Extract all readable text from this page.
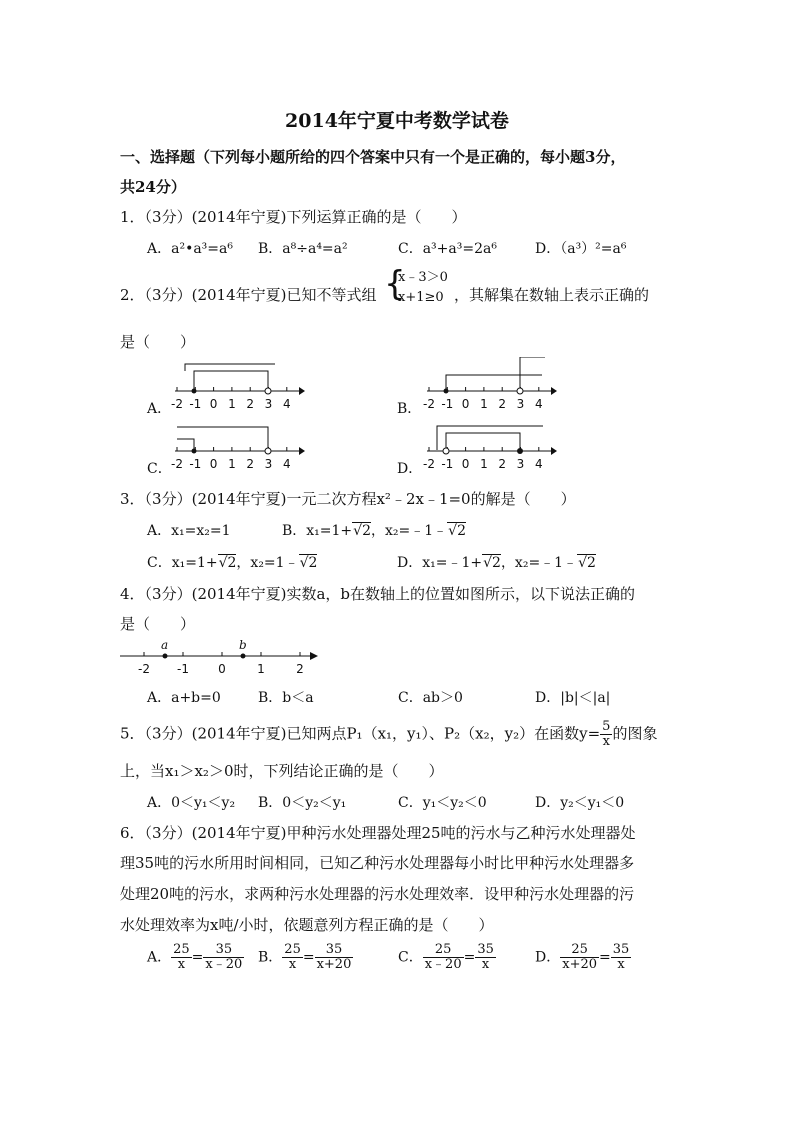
2014年宁夏中考数学试卷
一、选择题（下列每小题所给的四个答案中只有一个是正确的，每小题3分，
共24分）
1．（3分）(2014年宁夏)下列运算正确的是（　　）
A．a²•a³=a⁶ B．a⁸÷a⁴=a²	C．a³+a³=2a⁶	D．（a³）²=a⁶
2．（3分）(2014年宁夏)已知不等式组 {
x﹣3＞0
x+1≥0 ，其解集在数轴上表示正确的
是（　　）
A．	B．
C．	D．
-2 -1 0 1 2 3 4	-2 -1 0 1 2 3 4
-2 -1 0 1 2 3 4	-2 -1 0 1 2 3 4
3．（3分）(2014年宁夏)一元二次方程x²﹣2x﹣1=0的解是（　　）
A．x₁=x₂=1	B．x₁=1+√2，x₂=﹣1﹣√2
C．x₁=1+√2，x₂=1﹣√2	D．x₁=﹣1+√2，x₂=﹣1﹣√2
4．（3分）(2014年宁夏)实数a，b在数轴上的位置如图所示，以下说法正确的
是（　　）
-2 -1 0	1	2
a	b
A．a+b=0	B．b＜a	C．ab＞0	D．|b|＜|a|
5．（3分）(2014年宁夏)已知两点P₁（x₁，y₁）、P₂（x₂，y₂）在函数$y= \frac{5}{x}$ 的图象
上，当x₁＞x₂＞0时，下列结论正确的是（　　）
A．0＜y₁＜y₂ B．0＜y₂＜y₁	C．y₁＜y₂＜0	D．y₂＜y₁＜0
6．（3分）(2014年宁夏)甲种污水处理器处理25吨的污水与乙种污水处理器处
理35吨的污水所用时间相同，已知乙种污水处理器每小时比甲种污水处理器多
处理20吨的污水，求两种污水处理器的污水处理效率．设甲种污水处理器的污
水处理效率为x吨/小时，依题意列方程正确的是（　　）
A． $\frac{25}{x} = \frac{35}{x﹣20}$ B． $\frac{25}{x} = \frac{35}{x+20}$	C． $\frac{25}{x﹣20} = \frac{35}{x}$	D． $\frac{25}{x+20} = \frac{35}{x}$
